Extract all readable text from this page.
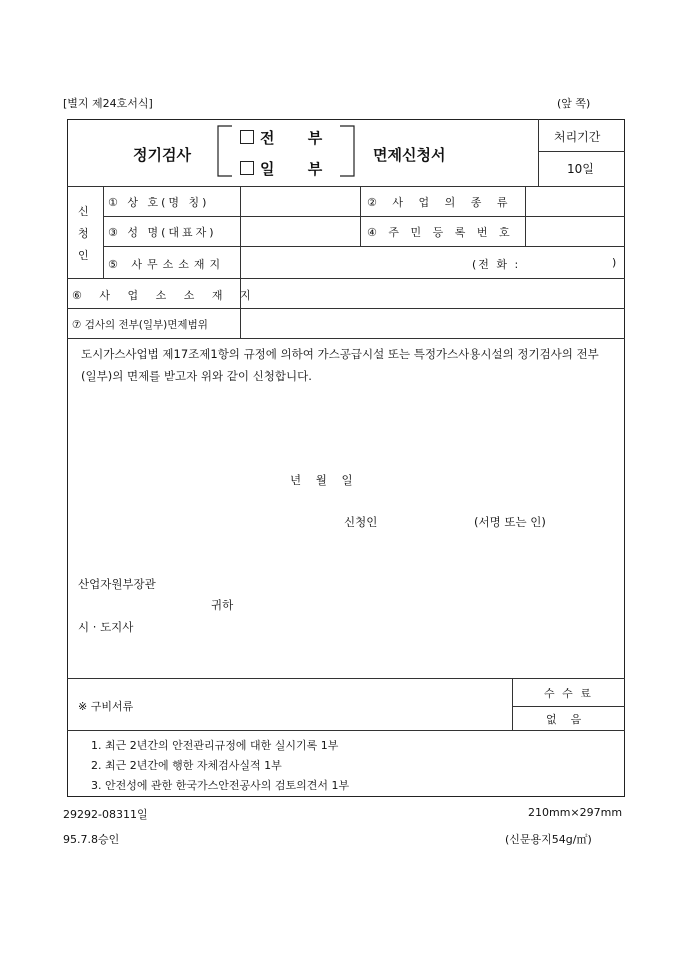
[별지 제24호서식]	(앞 쪽)
정기검사
전 부
일 부
면제신청서
처리기간
10일
신
청
인
① 상 호(명 칭)	② 사 업 의 종 류
③ 성 명(대표자)	④ 주 민 등 록 번 호
⑤ 사무소소재지	(전 화 :	)
⑥ 사 업 소 소 재 지
⑦ 검사의 전부(일부)면제범위
도시가스사업법 제17조제1항의 규정에 의하여 가스공급시설 또는 특정가스사용시설의 정기검사의 전부(일부)의 면제를 받고자 위와 같이 신청합니다.
년    월    일
신청인	(서명 또는 인)
산업자원부장관
귀하
시 · 도지사
※ 구비서류
수 수 료
없    음
1. 최근 2년간의 안전관리규정에 대한 실시기록 1부
2. 최근 2년간에 행한 자체검사실적 1부
3. 안전성에 관한 한국가스안전공사의 검토의견서 1부
29292-08311일
95.7.8승인
210mm×297mm
(신문용지54g/㎡)
